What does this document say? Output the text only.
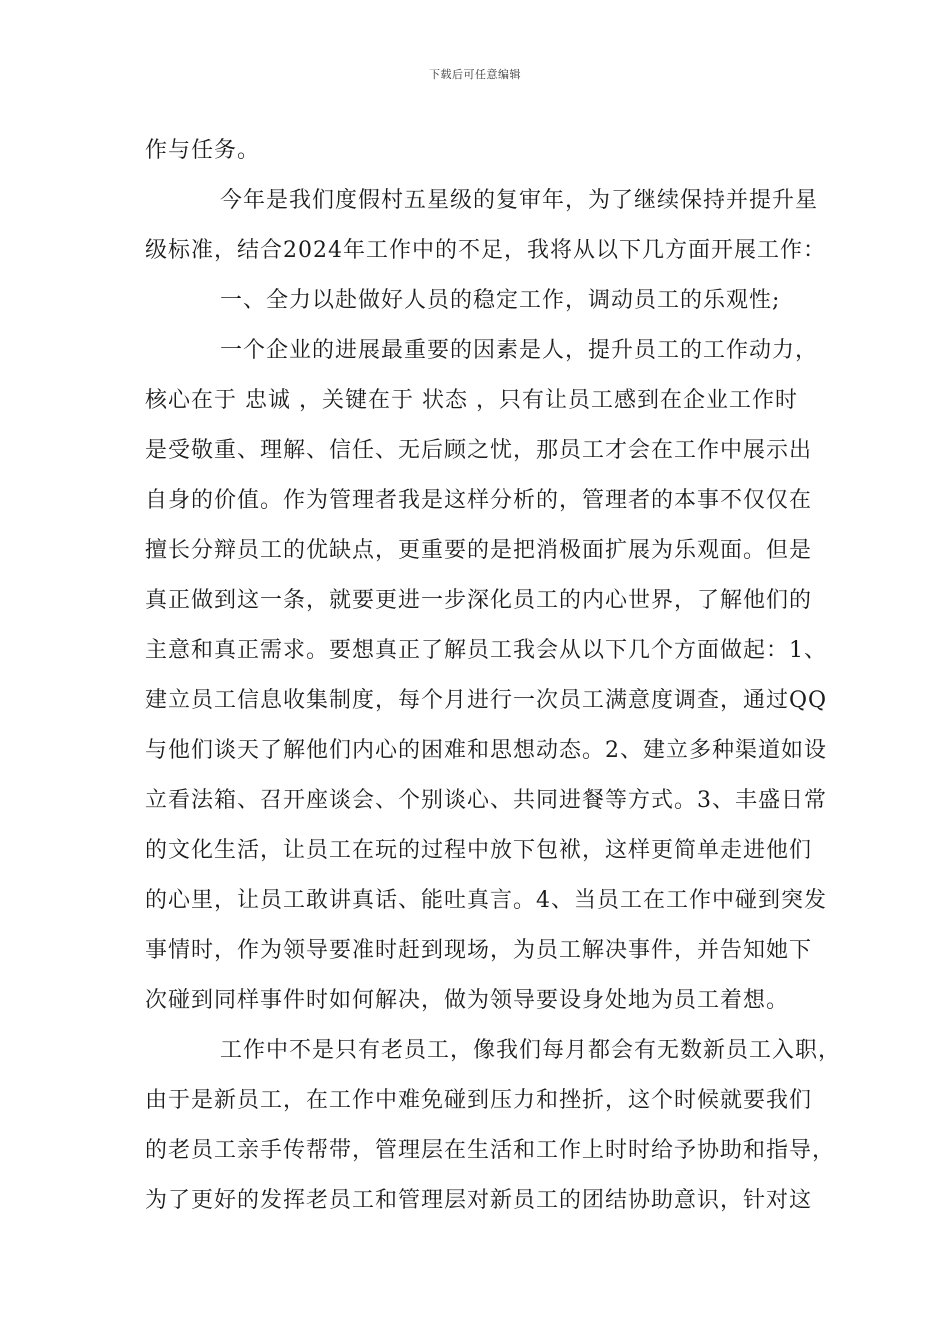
下载后可任意编辑
作与任务。
今年是我们度假村五星级的复审年，为了继续保持并提升星
级标准，结合2024年工作中的不足，我将从以下几方面开展工作：
一、全力以赴做好人员的稳定工作，调动员工的乐观性;
一个企业的进展最重要的因素是人，提升员工的工作动力，
核心在于 忠诚 ，关键在于 状态 ，只有让员工感到在企业工作时
是受敬重、理解、信任、无后顾之忧，那员工才会在工作中展示出
自身的价值。作为管理者我是这样分析的，管理者的本事不仅仅在
擅长分辩员工的优缺点，更重要的是把消极面扩展为乐观面。但是
真正做到这一条，就要更进一步深化员工的内心世界，了解他们的
主意和真正需求。要想真正了解员工我会从以下几个方面做起：1、
建立员工信息收集制度，每个月进行一次员工满意度调查，通过QQ
与他们谈天了解他们内心的困难和思想动态。2、建立多种渠道如设
立看法箱、召开座谈会、个别谈心、共同进餐等方式。3、丰盛日常
的文化生活，让员工在玩的过程中放下包袱，这样更简单走进他们
的心里，让员工敢讲真话、能吐真言。4、当员工在工作中碰到突发
事情时，作为领导要准时赶到现场，为员工解决事件，并告知她下
次碰到同样事件时如何解决，做为领导要设身处地为员工着想。
工作中不是只有老员工，像我们每月都会有无数新员工入职，
由于是新员工，在工作中难免碰到压力和挫折，这个时候就要我们
的老员工亲手传帮带，管理层在生活和工作上时时给予协助和指导，
为了更好的发挥老员工和管理层对新员工的团结协助意识，针对这
